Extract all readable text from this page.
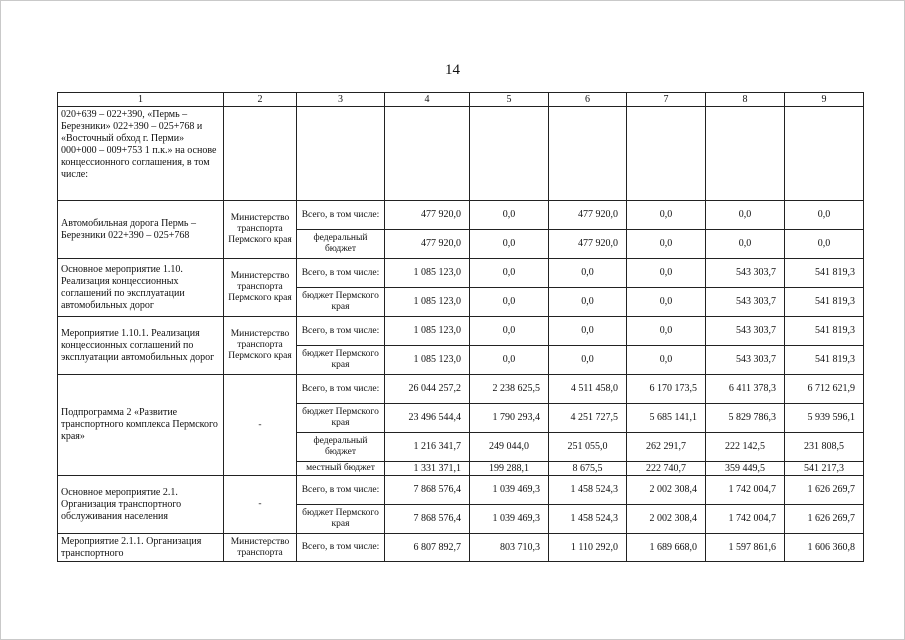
14
1	2	3	4	5	6	7	8	9
020+639 – 022+390, «Пермь – Березники» 022+390 – 025+768 и «Восточный обход г. Перми» 000+000 – 009+753 1 п.к.» на основе концессионного соглашения, в том числе:								
Автомобильная дорога Пермь – Березники 022+390 – 025+768	Министерство транспорта Пермского края	Всего, в том числе:	477 920,0	0,0	477 920,0	0,0	0,0	0,0
		федеральный бюджет	477 920,0	0,0	477 920,0	0,0	0,0	0,0
Основное мероприятие 1.10. Реализация концессионных соглашений по эксплуатации автомобильных дорог	Министерство транспорта Пермского края	Всего, в том числе:	1 085 123,0	0,0	0,0	0,0	543 303,7	541 819,3
		бюджет Пермского края	1 085 123,0	0,0	0,0	0,0	543 303,7	541 819,3
Мероприятие 1.10.1. Реализация концессионных соглашений по эксплуатации автомобильных дорог	Министерство транспорта Пермского края	Всего, в том числе:	1 085 123,0	0,0	0,0	0,0	543 303,7	541 819,3
		бюджет Пермского края	1 085 123,0	0,0	0,0	0,0	543 303,7	541 819,3
Подпрограмма 2 «Развитие транспортного комплекса Пермского края»	-	Всего, в том числе:	26 044 257,2	2 238 625,5	4 511 458,0	6 170 173,5	6 411 378,3	6 712 621,9
		бюджет Пермского края	23 496 544,4	1 790 293,4	4 251 727,5	5 685 141,1	5 829 786,3	5 939 596,1
		федеральный бюджет	1 216 341,7	249 044,0	251 055,0	262 291,7	222 142,5	231 808,5
		местный бюджет	1 331 371,1	199 288,1	8 675,5	222 740,7	359 449,5	541 217,3
Основное мероприятие 2.1. Организация транспортного обслуживания населения	-	Всего, в том числе:	7 868 576,4	1 039 469,3	1 458 524,3	2 002 308,4	1 742 004,7	1 626 269,7
		бюджет Пермского края	7 868 576,4	1 039 469,3	1 458 524,3	2 002 308,4	1 742 004,7	1 626 269,7
Мероприятие 2.1.1. Организация транспортного	Министерство транспорта	Всего, в том числе:	6 807 892,7	803 710,3	1 110 292,0	1 689 668,0	1 597 861,6	1 606 360,8
